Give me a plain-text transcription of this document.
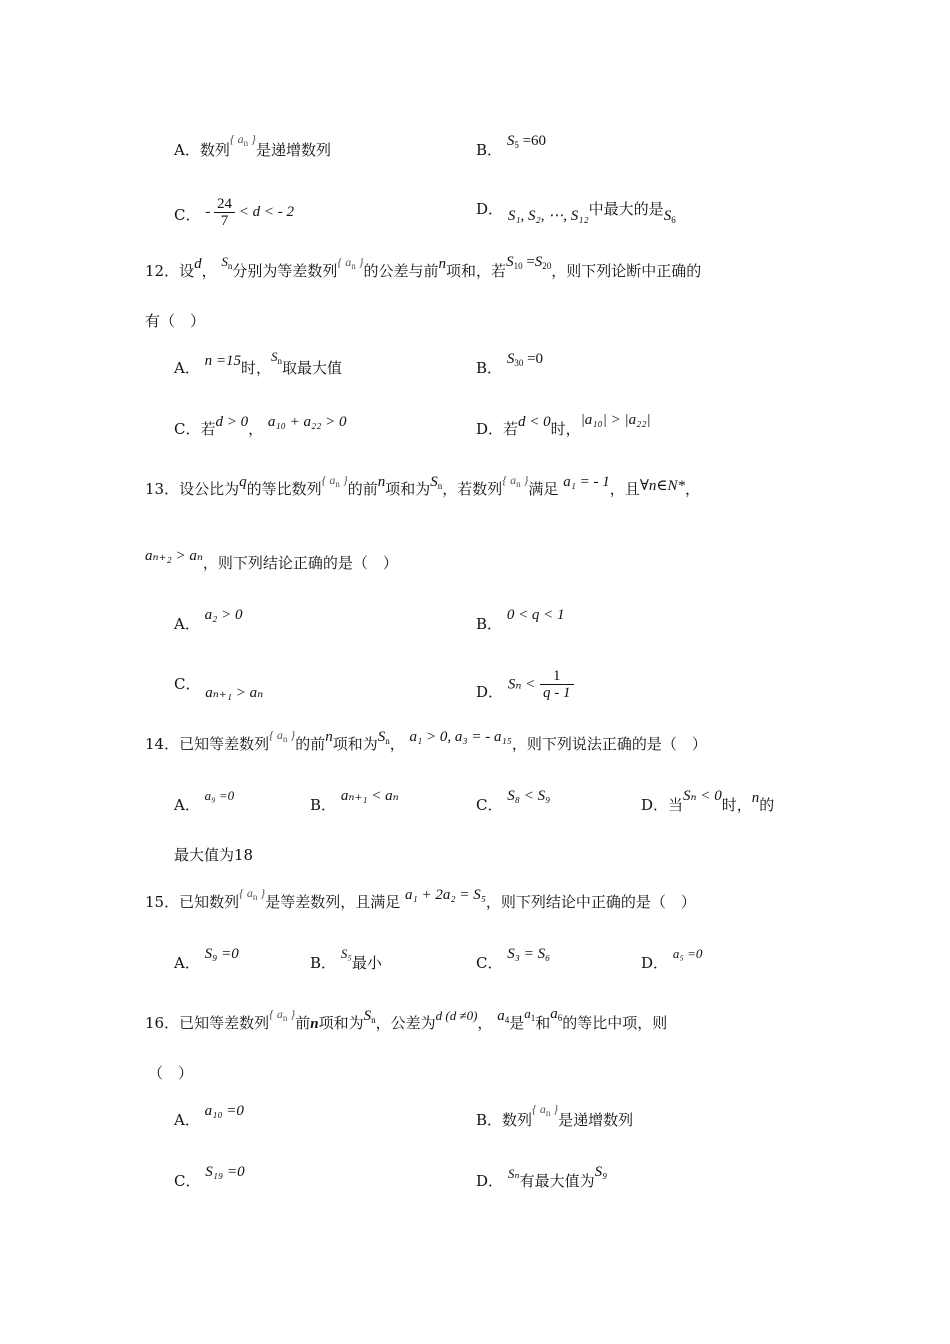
A．数列$^{\{ a_n \}}$是递增数列	B． $S_5 =60$
C． - $\frac{24}{7} < d$ < - 2	D． S₁, S₂, ⋯, S₁₂中最大的是$S_6$
12．设d， $S_n$分别为等差数列$^{\{ a_n \}}$的公差与前n项和，若$S_{10} =S_{20}$，则下列论断中正确的
有（　）
A． n =15时，$S_n$取最大值	B． $S_{30} =0$
C．若d > 0， a₁₀ + a₂₂ > 0	D．若d < 0时，|a₁₀| > |a₂₂|
13．设公比为q的等比数列$^{\{ a_n \}}$的前n项和为$S_n$，若数列$^{\{ a_n \}}$满足 a₁ = - 1，且∀n∈N*，
aₙ₊₂ > aₙ，则下列结论正确的是（　）
A． a₂ > 0	B． 0 < q < 1
C． aₙ₊₁ > aₙ	D． $S_n < \frac{1}{q - 1}$
14．已知等差数列$^{\{ a_n \}}$的前n项和为$S_n$， a₁ > 0, a₃ = - a₁₅，则下列说法正确的是（　）
A． a₉ =0
B． aₙ₊₁ < aₙ	C． S₈ < S₉	D．当Sₙ < 0时，n的
最大值为18
15．已知数列$^{\{ a_n \}}$是等差数列，且满足 a₁ + 2a₂ = S₅，则下列结论中正确的是（　）
A． S₉ =0	B． S₅最小	C． S₃ = S₆	D． a₅ =0
16．已知等差数列$^{\{ a_n \}}$前n项和为$S_n$，公差为d (d ≠0)， $a_4$是$a_1$和$a_6$的等比中项，则
（　）
A． a₁₀ =0	B．数列$^{\{ a_n \}}$是递增数列
C． S₁₉ =0	D． Sₙ有最大值为S₉
